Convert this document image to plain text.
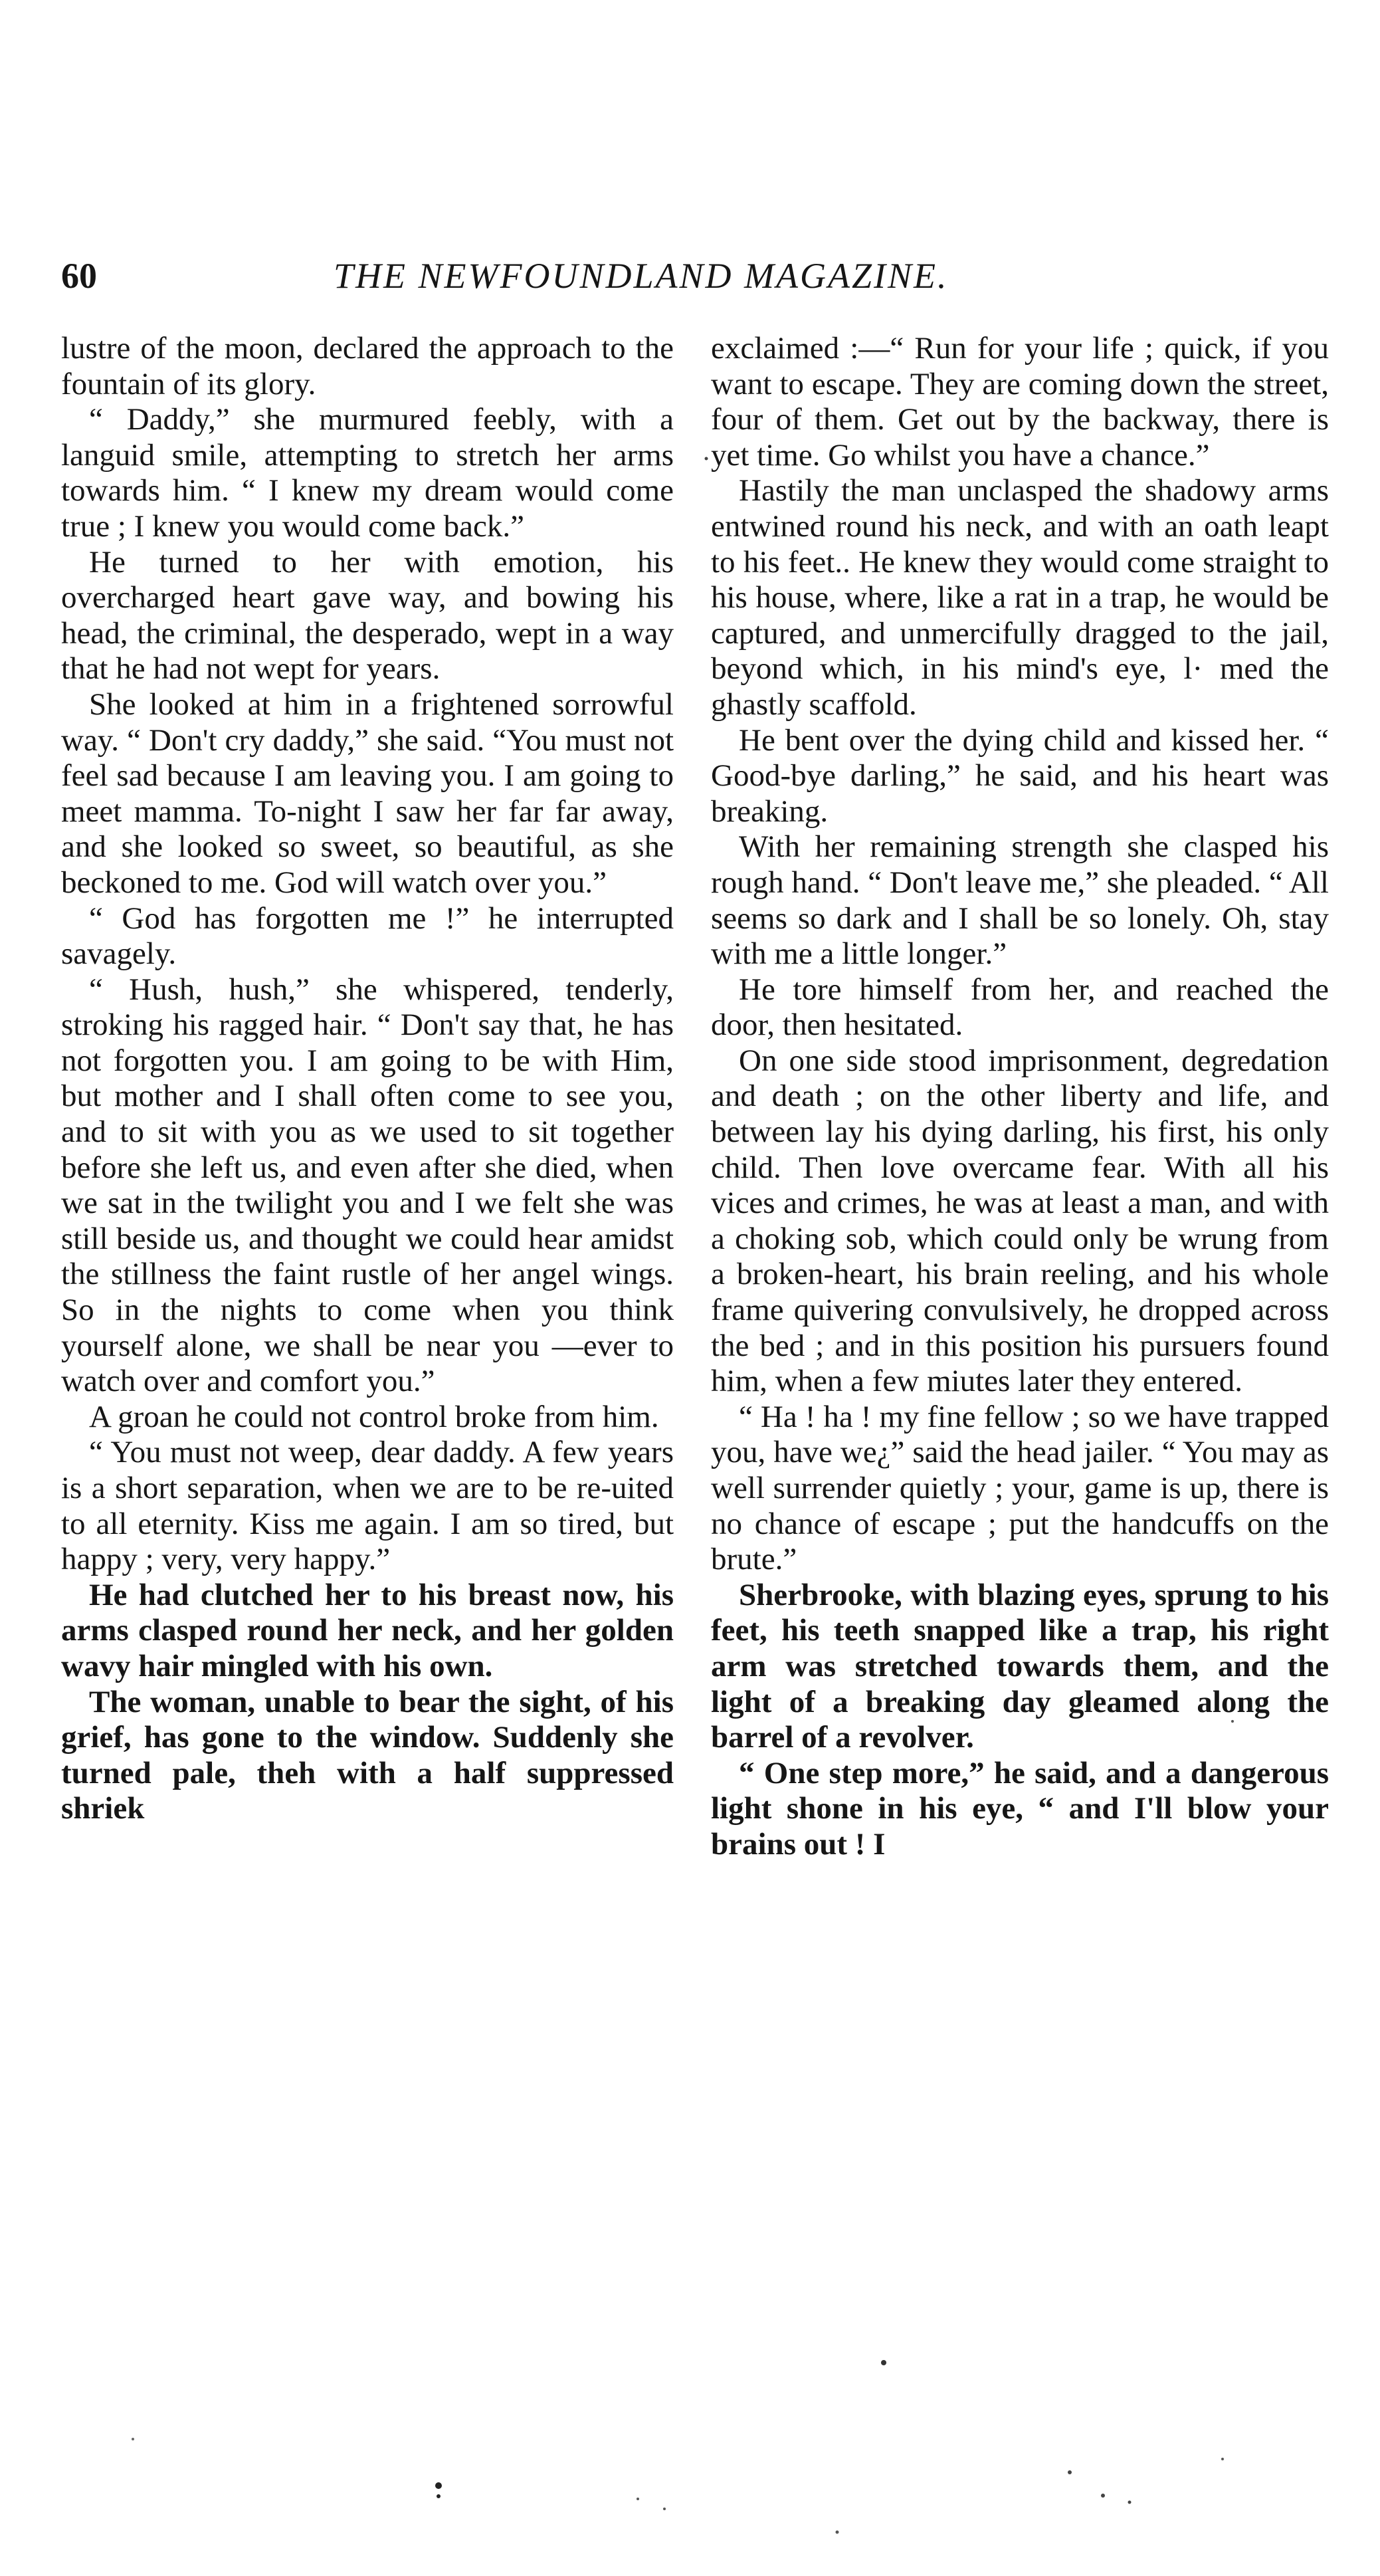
60	THE NEWFOUNDLAND MAGAZINE.

lustre of the moon, declared the approach to the fountain of its glory.

“ Daddy,” she murmured feebly, with a languid smile, attempting to stretch her arms towards him. “ I knew my dream would come true ; I knew you would come back.”

He turned to her with emotion, his overcharged heart gave way, and bowing his head, the criminal, the desperado, wept in a way that he had not wept for years.

She looked at him in a frightened sorrowful way. “ Don't cry daddy,” she said. “You must not feel sad because I am leaving you. I am going to meet mamma. To-night I saw her far far away, and she looked so sweet, so beautiful, as she beckoned to me. God will watch over you.”

“ God has forgotten me !” he interrupted savagely.

“ Hush, hush,” she whispered, tenderly, stroking his ragged hair. “ Don't say that, he has not forgotten you. I am going to be with Him, but mother and I shall often come to see you, and to sit with you as we used to sit together before she left us, and even after she died, when we sat in the twilight you and I we felt she was still beside us, and thought we could hear amidst the stillness the faint rustle of her angel wings. So in the nights to come when you think yourself alone, we shall be near you —ever to watch over and comfort you.”

A groan he could not control broke from him.

“ You must not weep, dear daddy. A few years is a short separation, when we are to be re-uited to all eternity. Kiss me again. I am so tired, but happy ; very, very happy.”

He had clutched her to his breast now, his arms clasped round her neck, and her golden wavy hair mingled with his own.

The woman, unable to bear the sight, of his grief, has gone to the window. Suddenly she turned pale, theh with a half suppressed shriek

exclaimed :—“ Run for your life ; quick, if you want to escape. They are coming down the street, four of them. Get out by the backway, there is yet time. Go whilst you have a chance.”

Hastily the man unclasped the shadowy arms entwined round his neck, and with an oath leapt to his feet.. He knew they would come straight to his house, where, like a rat in a trap, he would be captured, and unmercifully dragged to the jail, beyond which, in his mind's eye, l· med the ghastly scaffold.

He bent over the dying child and kissed her. “ Good-bye darling,” he said, and his heart was breaking.

With her remaining strength she clasped his rough hand. “ Don't leave me,” she pleaded. “ All seems so dark and I shall be so lonely. Oh, stay with me a little longer.”

He tore himself from her, and reached the door, then hesitated.

On one side stood imprisonment, degredation and death ; on the other liberty and life, and between lay his dying darling, his first, his only child. Then love overcame fear. With all his vices and crimes, he was at least a man, and with a choking sob, which could only be wrung from a broken-heart, his brain reeling, and his whole frame quivering convulsively, he dropped across the bed ; and in this position his pursuers found him, when a few miutes later they entered.

“ Ha ! ha ! my fine fellow ; so we have trapped you, have we¿” said the head jailer. “ You may as well surrender quietly ; your, game is up, there is no chance of escape ; put the handcuffs on the brute.”

Sherbrooke, with blazing eyes, sprung to his feet, his teeth snapped like a trap, his right arm was stretched towards them, and the light of a breaking day gleamed along the barrel of a revolver.

“ One step more,” he said, and a dangerous light shone in his eye, “ and I'll blow your brains out ! I
